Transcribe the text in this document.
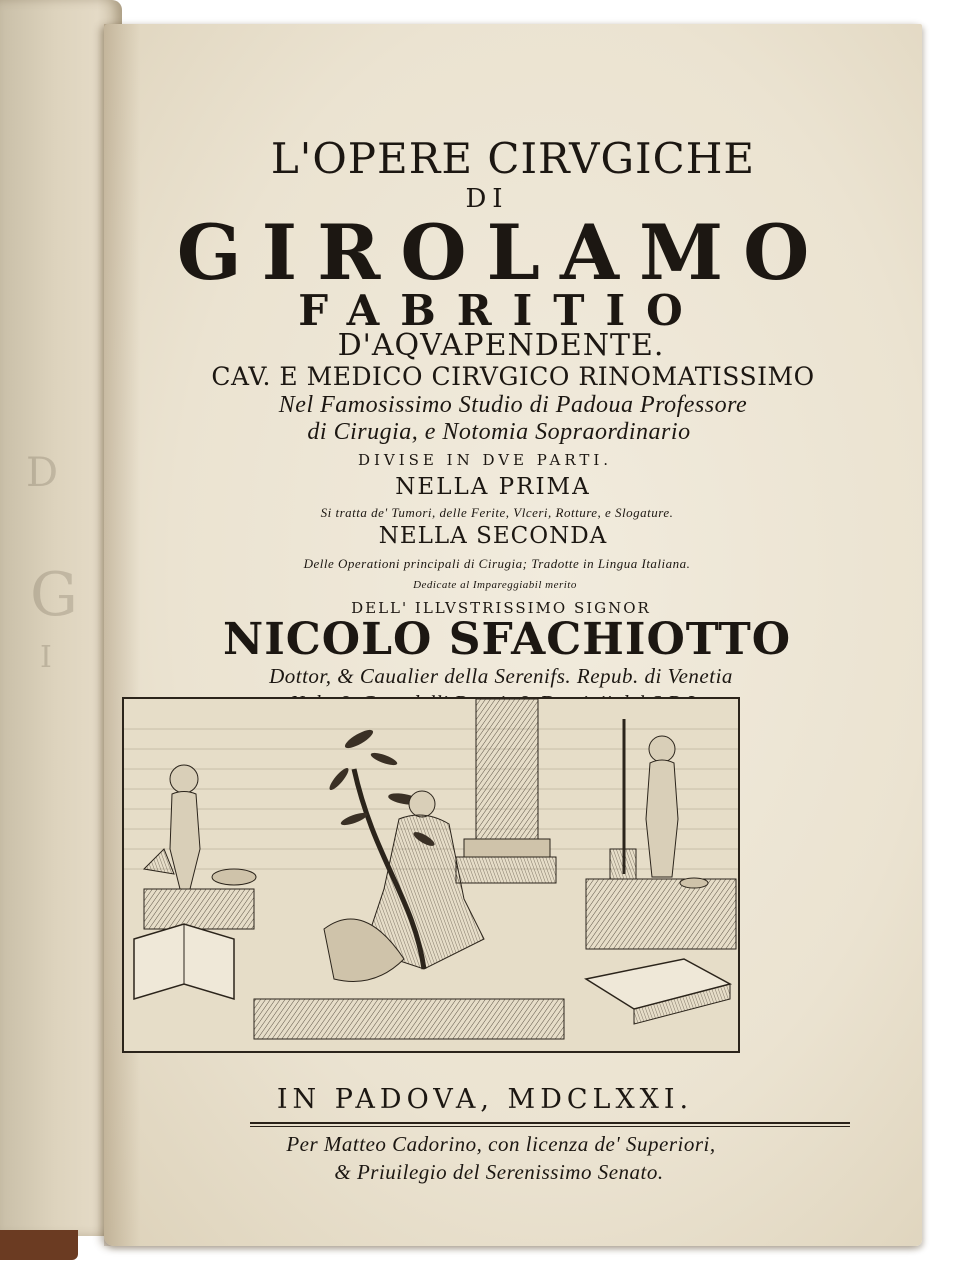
D
G
I
L'OPERE CIRVGICHE
DI
GIROLAMO
FABRITIO
D'AQVAPENDENTE.
CAV. E MEDICO CIRVGICO RINOMATISSIMO
Nel Famosissimo Studio di Padoua Professore
di Cirugia, e Notomia Sopraordinario
DIVISE IN DVE PARTI.
NELLA PRIMA
Si tratta de' Tumori, delle Ferite, Vlceri, Rotture, e Slogature.
NELLA SECONDA
Delle Operationi principali di Cirugia; Tradotte in Lingua Italiana.
Dedicate al Impareggiabil merito
DELL' ILLVSTRISSIMO SIGNOR
NICOLO SFACHIOTTO
Dottor, & Caualier della Serenifs. Repub. di Venetia
IN PADOVA, MDCLXXI.
Per Matteo Cadorino, con licenza de' Superiori,
& Priuilegio del Serenissimo Senato.
